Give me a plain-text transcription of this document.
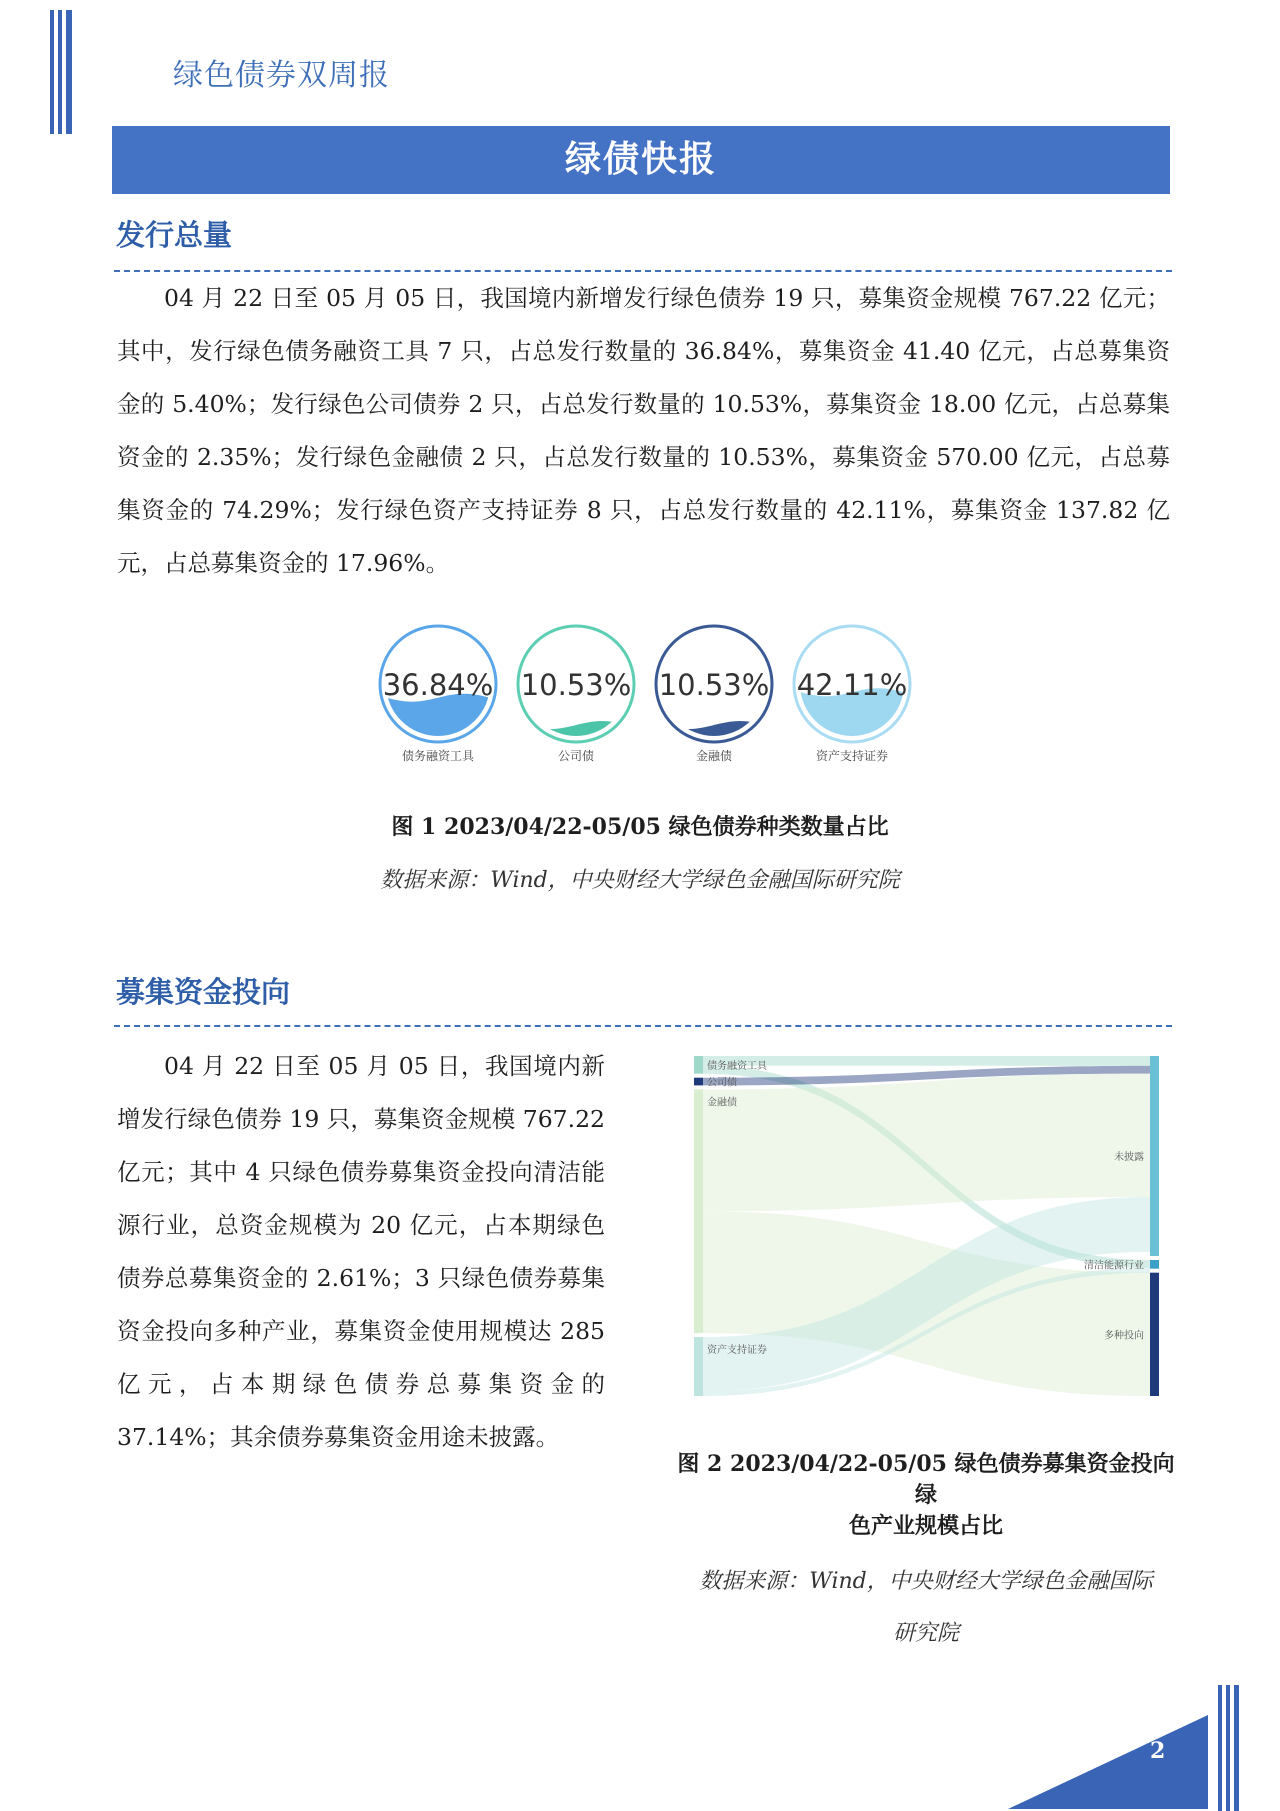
绿色债券双周报
绿债快报
发行总量
04 月 22 日至 05 月 05 日，我国境内新增发行绿色债券 19 只，募集资金规模 767.22 亿元；其中，发行绿色债务融资工具 7 只，占总发行数量的 36.84%，募集资金 41.40 亿元，占总募集资金的 5.40%；发行绿色公司债券 2 只，占总发行数量的 10.53%，募集资金 18.00 亿元，占总募集资金的 2.35%；发行绿色金融债 2 只，占总发行数量的 10.53%，募集资金 570.00 亿元，占总募集资金的 74.29%；发行绿色资产支持证券 8 只，占总发行数量的 42.11%，募集资金 137.82 亿元，占总募集资金的 17.96%。
36.84%
债务融资工具
10.53%
公司债
10.53%
金融债
42.11%
资产支持证券
图 1 2023/04/22-05/05 绿色债券种类数量占比
数据来源：Wind，中央财经大学绿色金融国际研究院
募集资金投向
04 月 22 日至 05 月 05 日，我国境内新增发行绿色债券 19 只，募集资金规模 767.22 亿元；其中 4 只绿色债券募集资金投向清洁能源行业，总资金规模为 20 亿元，占本期绿色债券总募集资金的 2.61%；3 只绿色债券募集资金投向多种产业，募集资金使用规模达 285 亿元，占本期绿色债券总募集资金的 37.14%；其余债券募集资金用途未披露。
债务融资工具
公司债
金融债
资产支持证券
未披露
清洁能源行业
多种投向
图 2 2023/04/22-05/05 绿色债券募集资金投向绿
色产业规模占比
数据来源：Wind，中央财经大学绿色金融国际
研究院
2
